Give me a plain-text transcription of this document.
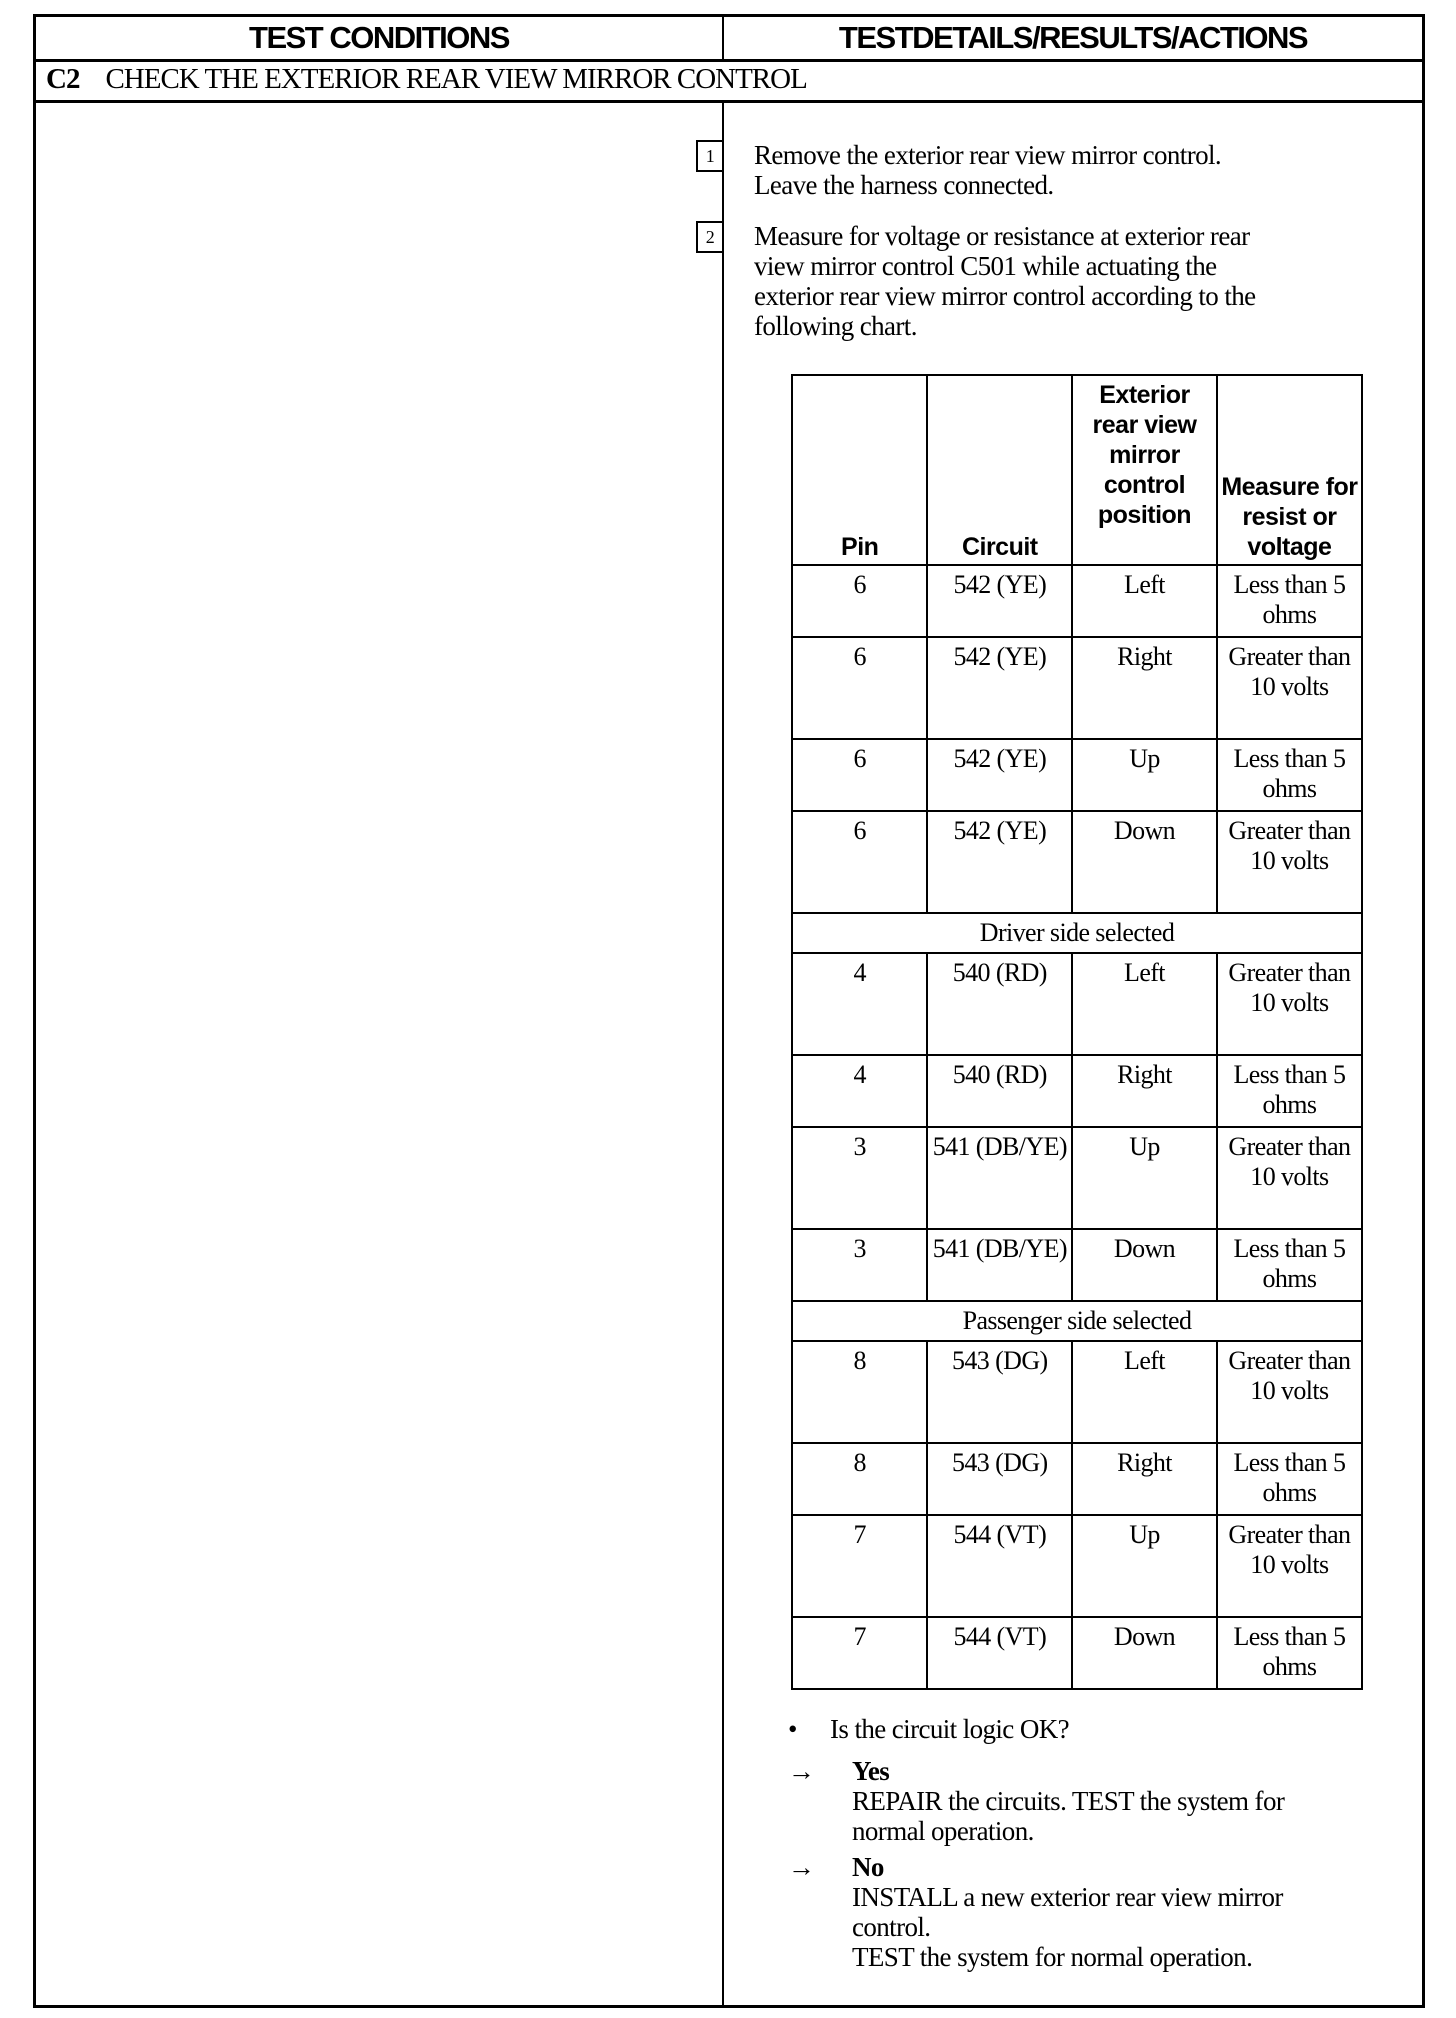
TEST CONDITIONS	TESTDETAILS/RESULTS/ACTIONS
C2 CHECK THE EXTERIOR REAR VIEW MIRROR CONTROL
1	Remove the exterior rear view mirror control.
Leave the harness connected.
2	Measure for voltage or resistance at exterior rear
view mirror control C501 while actuating the
exterior rear view mirror control according to the
following chart.
Pin	Circuit	Exterior rear view mirror control position	Measure for resist or voltage
6	542 (YE)	Left	Less than 5 ohms
6	542 (YE)	Right	Greater than 10 volts
6	542 (YE)	Up	Less than 5 ohms
6	542 (YE)	Down	Greater than 10 volts
Driver side selected			
4	540 (RD)	Left	Greater than 10 volts
4	540 (RD)	Right	Less than 5 ohms
3	541 (DB/YE)	Up	Greater than 10 volts
3	541 (DB/YE)	Down	Less than 5 ohms
Passenger side selected			
8	543 (DG)	Left	Greater than 10 volts
8	543 (DG)	Right	Less than 5 ohms
7	544 (VT)	Up	Greater than 10 volts
7	544 (VT)	Down	Less than 5 ohms
• Is the circuit logic OK?
→ Yes
REPAIR the circuits. TEST the system for
normal operation.
→ No
INSTALL a new exterior rear view mirror
control.
TEST the system for normal operation.
